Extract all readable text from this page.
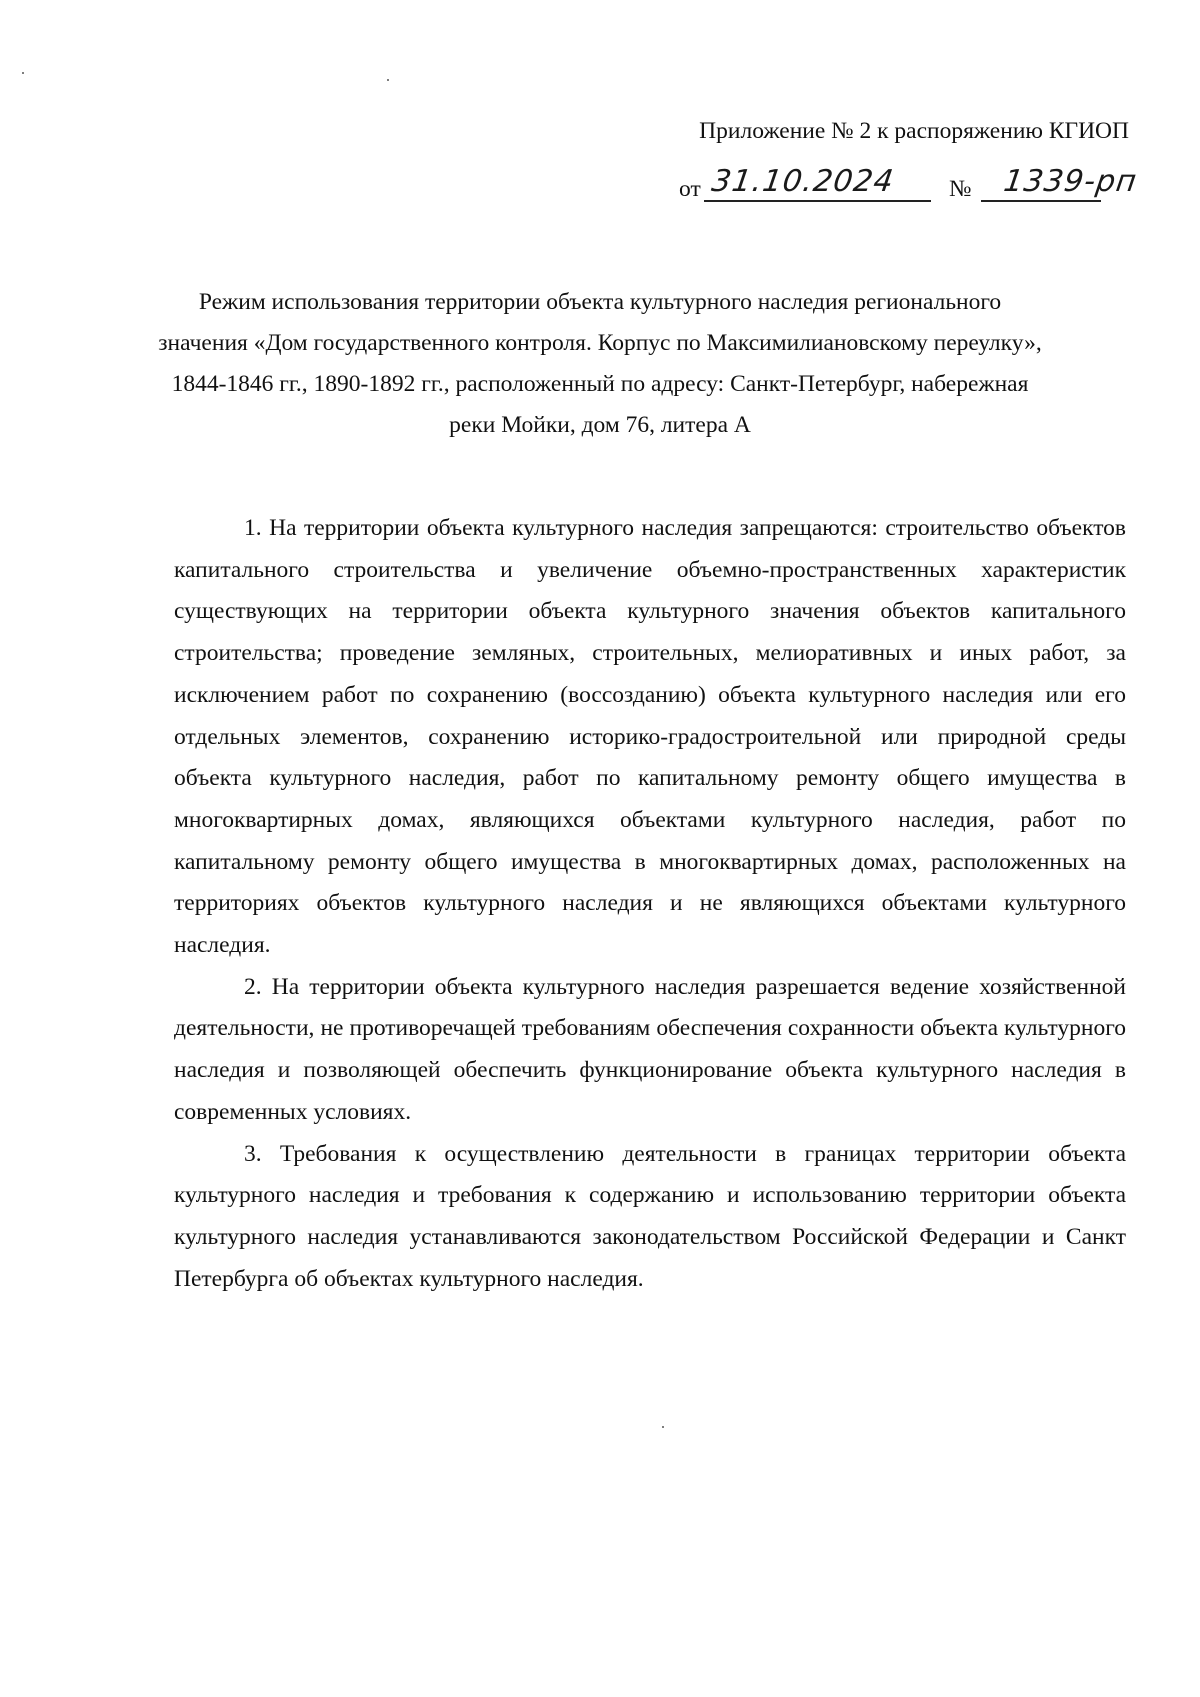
Приложение № 2 к распоряжению КГИОП
от 31.10.2024 № 1339-рп
Режим использования территории объекта культурного наследия регионального значения «Дом государственного контроля. Корпус по Максимилиановскому переулку», 1844-1846 гг., 1890-1892 гг., расположенный по адресу: Санкт-Петербург, набережная реки Мойки, дом 76, литера А

1. На территории объекта культурного наследия запрещаются: строительство объектов капитального строительства и увеличение объемно-пространственных характеристик существующих на территории объекта культурного значения объектов капитального строительства; проведение земляных, строительных, мелиоративных и иных работ, за исключением работ по сохранению (воссозданию) объекта культурного наследия или его отдельных элементов, сохранению историко-градостроительной или природной среды объекта культурного наследия, работ по капитальному ремонту общего имущества в многоквартирных домах, являющихся объектами культурного наследия, работ по капитальному ремонту общего имущества в многоквартирных домах, расположенных на территориях объектов культурного наследия и не являющихся объектами культурного наследия.

2. На территории объекта культурного наследия разрешается ведение хозяйственной деятельности, не противоречащей требованиям обеспечения сохранности объекта культурного наследия и позволяющей обеспечить функционирование объекта культурного наследия в современных условиях.

3. Требования к осуществлению деятельности в границах территории объекта культурного наследия и требования к содержанию и использованию территории объекта культурного наследия устанавливаются законодательством Российской Федерации и Санкт Петербурга об объектах культурного наследия.
